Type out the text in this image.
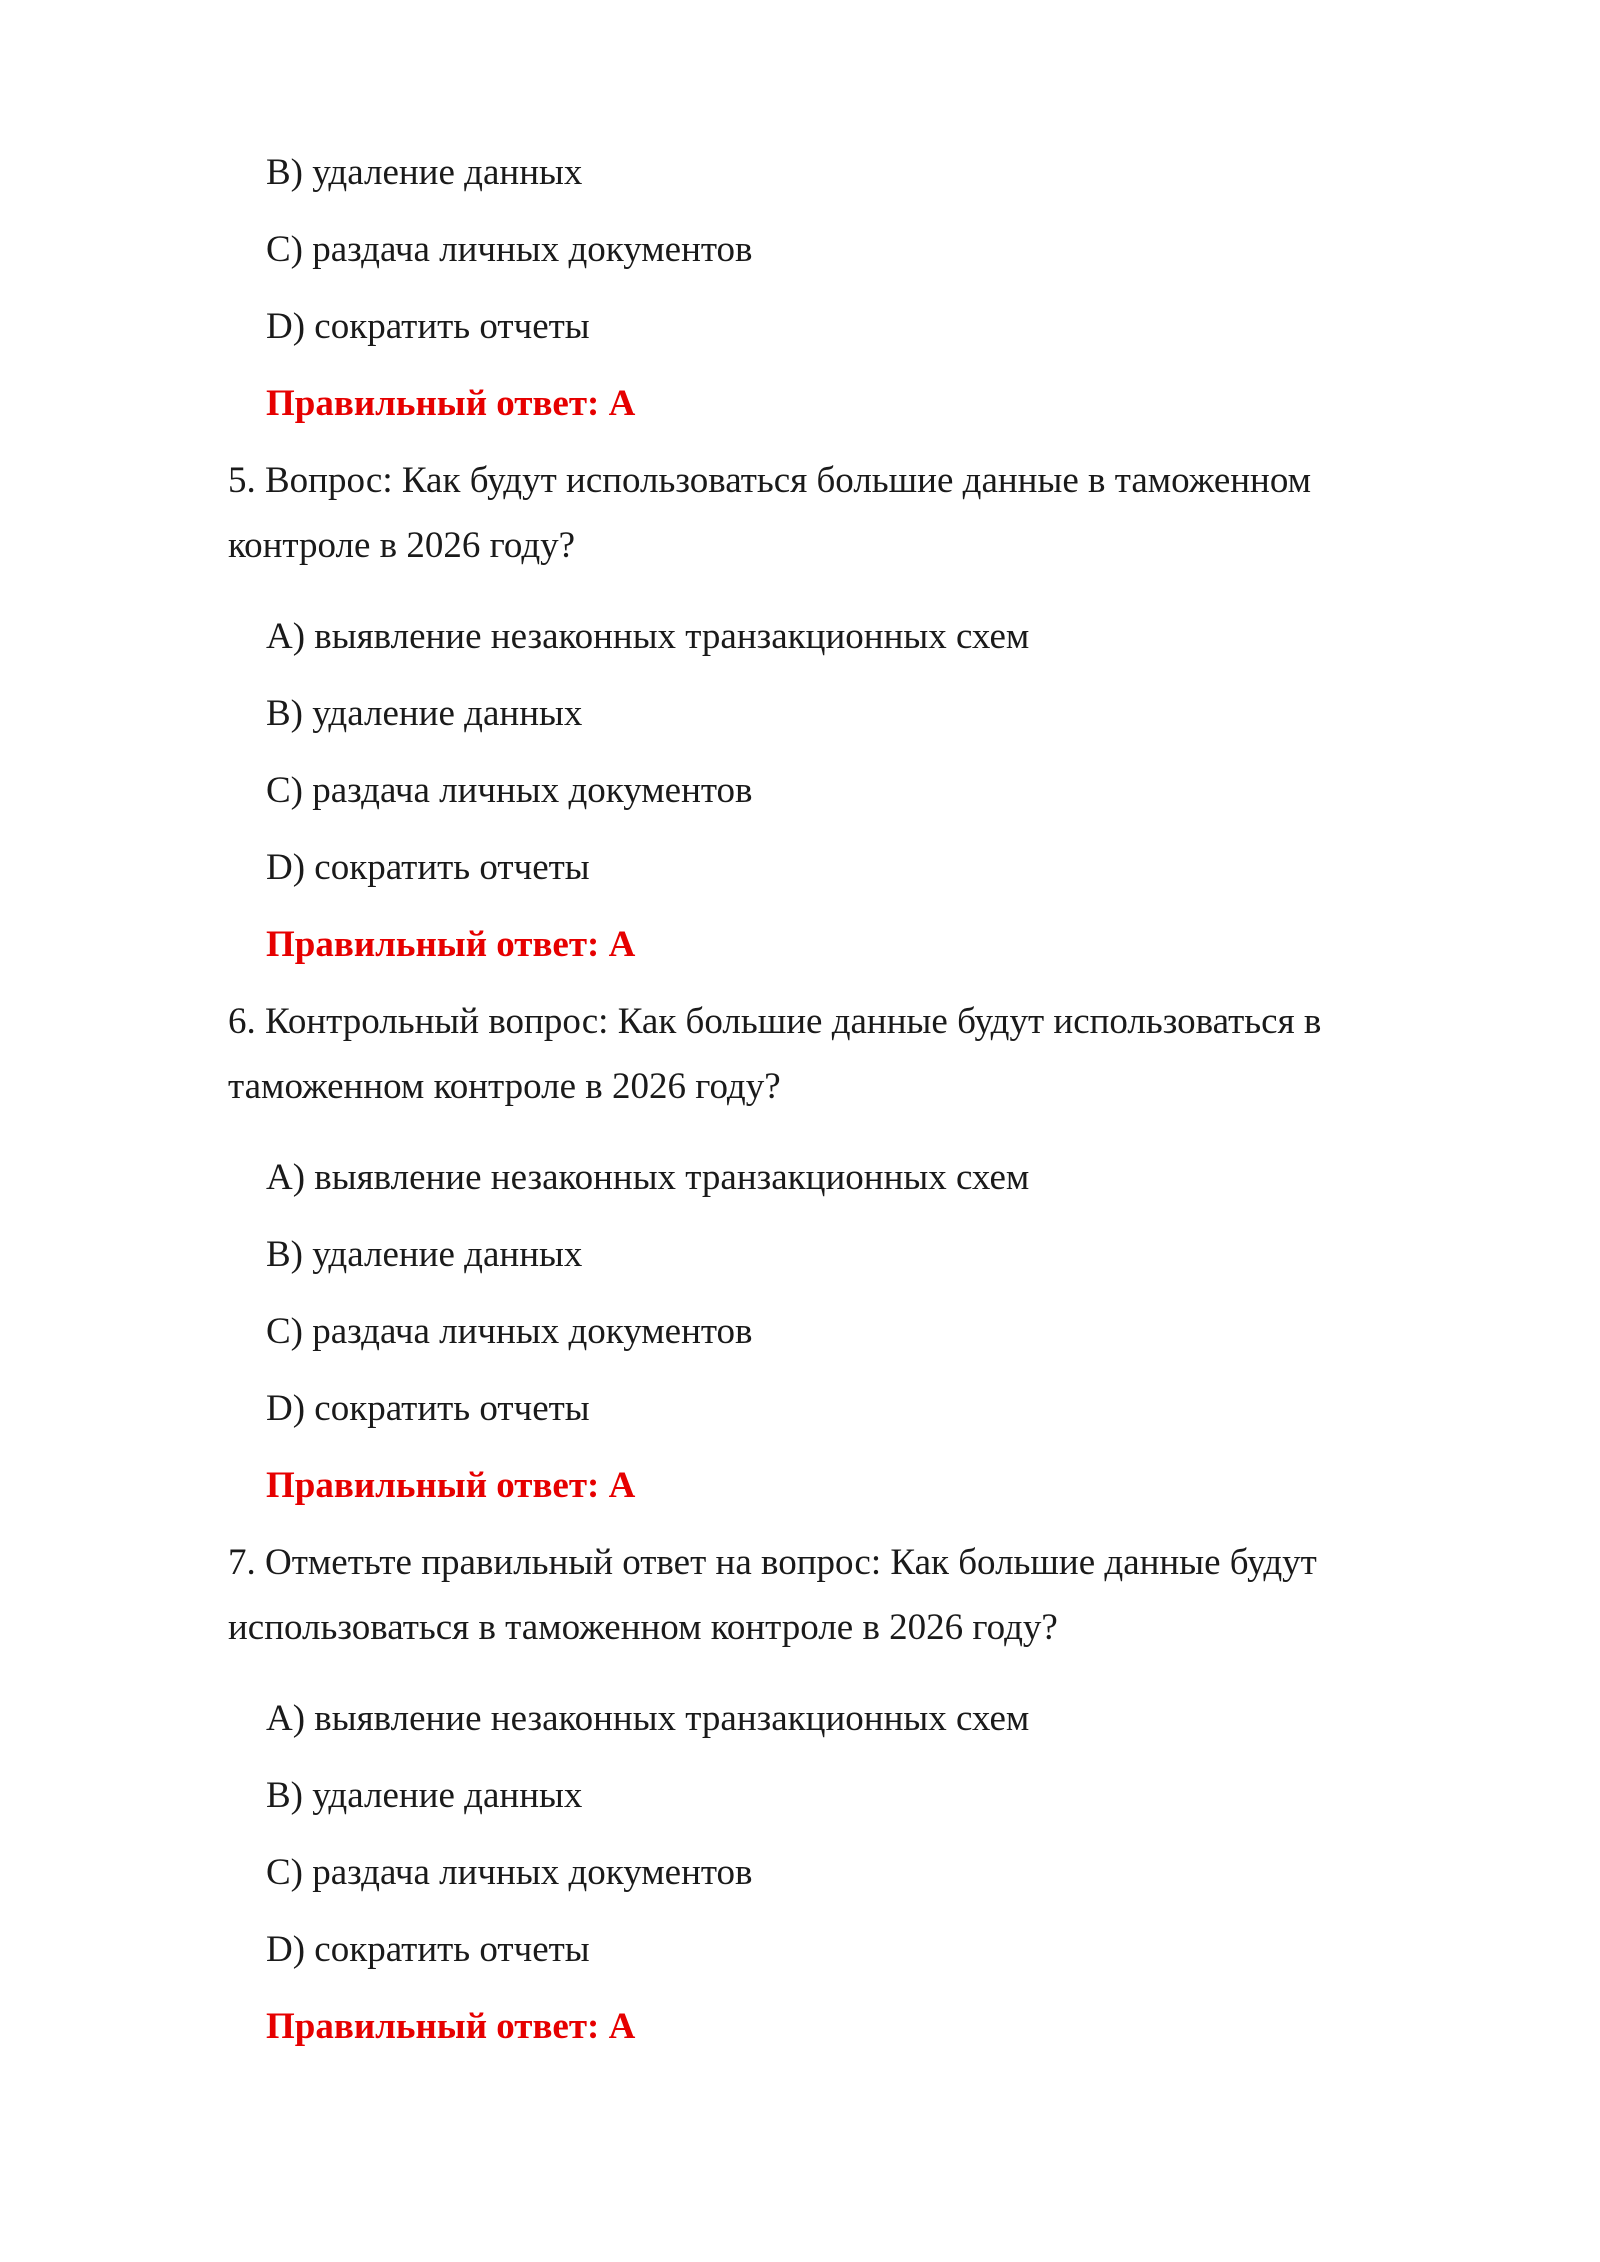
B) удаление данных
C) раздача личных документов
D) сократить отчеты
Правильный ответ: A
5. Вопрос: Как будут использоваться большие данные в таможенном
контроле в 2026 году?
A) выявление незаконных транзакционных схем
B) удаление данных
C) раздача личных документов
D) сократить отчеты
Правильный ответ: A
6. Контрольный вопрос: Как большие данные будут использоваться в
таможенном контроле в 2026 году?
A) выявление незаконных транзакционных схем
B) удаление данных
C) раздача личных документов
D) сократить отчеты
Правильный ответ: A
7. Отметьте правильный ответ на вопрос: Как большие данные будут
использоваться в таможенном контроле в 2026 году?
A) выявление незаконных транзакционных схем
B) удаление данных
C) раздача личных документов
D) сократить отчеты
Правильный ответ: A
